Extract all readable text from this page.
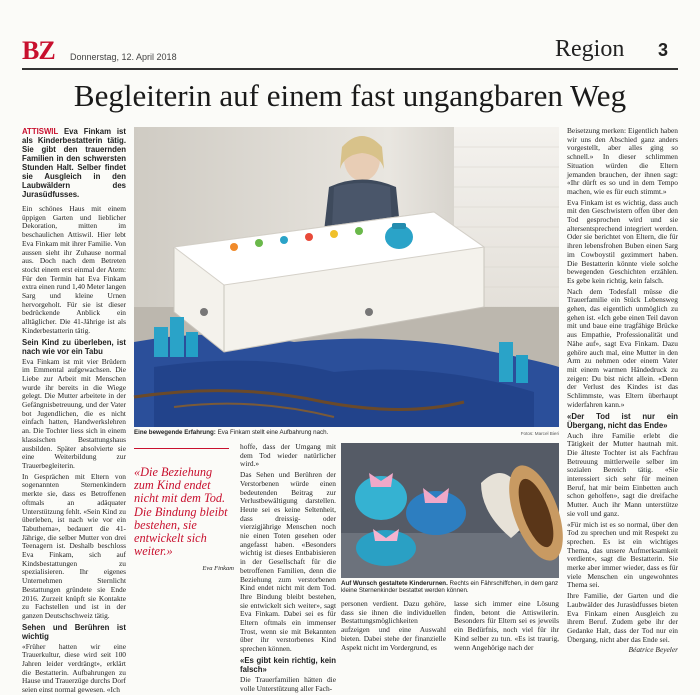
BZ Donnerstag, 12. April 2018	Region 3
Begleiterin auf einem fast ungangbaren Weg

ATTISWIL Eva Finkam ist als Kinderbestatterin tätig. Sie gibt den trauernden Familien in den schwersten Stunden Halt. Selber findet sie Ausgleich in den Laubwäldern des Jurasüdfusses.

Ein schönes Haus mit einem üppigen Garten und lieblicher Dekoration, mitten im beschaulichen Attiswil. Hier lebt Eva Finkam mit ihrer Familie. Von aussen sieht ihr Zuhause normal aus. Doch nach dem Betreten stockt einem erst einmal der Atem: Für den Termin hat Eva Finkam extra einen rund 1,40 Meter langen Sarg und kleine Urnen hervorgeholt. Für sie ist dieser bedrückende Anblick ein alltäglicher. Die 41-Jährige ist als Kinderbestatterin tätig.

Sein Kind zu überleben, ist nach wie vor ein Tabu

Eva Finkam ist mit vier Brüdern im Emmental aufgewachsen. Die Liebe zur Arbeit mit Menschen wurde ihr bereits in die Wiege gelegt. Die Mutter arbeitete in der Gefängnisbetreuung, und der Vater bot Jugendlichen, die es nicht einfach hatten, Handwerkslehren an. Die Tochter liess sich in einem klassischen Bestattungshaus ausbilden. Später absolvierte sie eine Weiterbildung zur Trauerbegleiterin.

In Gesprächen mit Eltern von sogenannten Sternenkindern merkte sie, dass es Betroffenen oftmals an adäquater Unterstützung fehlt. «Sein Kind zu überleben, ist nach wie vor ein Tabuthema», bedauert die 41-Jährige, die selber Mutter von drei Teenagern ist. Deshalb beschloss Eva Finkam, sich auf Kindsbestattungen zu spezialisieren. Ihr eigenes Unternehmen Sternlicht Bestattungen gründete sie Ende 2016. Zurzeit knüpft sie Kontakte zu Fachstellen und ist in der ganzen Deutschschweiz tätig.

Sehen und Berühren ist wichtig

«Früher hatten wir eine Trauerkultur, diese wird seit 100 Jahren leider verdrängt», erklärt die Bestatterin. Aufbahrungen zu Hause und Trauerzüge durchs Dorf seien einst normal gewesen. «Ich

Eine bewegende Erfahrung: Eva Finkam stellt eine Aufbahrung nach.	Fotos: Marcel Bieri

Beisetzung merken: Eigentlich haben wir uns den Abschied ganz anders vorgestellt, aber alles ging so schnell.» In dieser schlimmen Situation würden die Eltern jemanden brauchen, der ihnen sagt: «Ihr dürft es so und in dem Tempo machen, wie es für euch stimmt.»

Eva Finkam ist es wichtig, dass auch mit den Geschwistern offen über den Tod gesprochen wird und sie altersentsprechend integriert werden. Oder sie berichtet von Eltern, die für ihren lebensfrohen Buben einen Sarg im Cowboystil gezimmert haben. Die Bestatterin könnte viele solche bewegenden Geschichten erzählen. Es gebe kein richtig, kein falsch.

Nach dem Todesfall müsse die Trauerfamilie ein Stück Lebensweg gehen, das eigentlich unmöglich zu gehen ist. «Ich gebe einen Teil davon mit und baue eine tragfähige Brücke aus Empathie, Professionalität und Nähe auf», sagt Eva Finkam. Dazu gehöre auch mal, eine Mutter in den Arm zu nehmen oder einem Vater mit einem warmen Händedruck zu zeigen: Du bist nicht allein. «Denn der Verlust des Kindes ist das Schlimmste, was Eltern überhaupt widerfahren kann.»

«Der Tod ist nur ein Übergang, nicht das Ende»

Auch ihre Familie erlebt die Tätigkeit der Mutter hautnah mit. Die älteste Tochter ist als Fachfrau Betreuung mittlerweile selber im sozialen Bereich tätig. «Sie interessiert sich sehr für meinen Beruf, hat mir beim Einbetten auch schon geholfen», sagt die dreifache Mutter. Auch ihr Mann unterstütze sie voll und ganz.

«Für mich ist es so normal, über den Tod zu sprechen und mit Respekt zu sprechen. Es ist ein wichtiges Thema, das unsere Aufmerksamkeit verdient», sagt die Bestatterin. Sie merke aber immer wieder, dass es für viele Menschen ein ungewohntes Thema sei.

Ihre Familie, der Garten und die Laubwälder des Jurasüdfusses bieten Eva Finkam einen Ausgleich zu ihrem Beruf. Zudem gebe ihr der Gedanke Halt, dass der Tod nur ein Übergang, nicht aber das Ende sei.

Béatrice Beyeler

«Die Beziehung zum Kind endet nicht mit dem Tod. Die Bindung bleibt bestehen, sie entwickelt sich weiter.»
Eva Finkam

hoffe, dass der Umgang mit dem Tod wieder natürlicher wird.»

Das Sehen und Berühren der Verstorbenen würde einen bedeutenden Beitrag zur Verlustbewältigung darstellen. Heute sei es keine Seltenheit, dass dreissig- oder vierzigjährige Menschen noch nie einen Toten gesehen oder angefasst haben. «Besonders wichtig ist dieses Entbabisieren in der Gesellschaft für die betroffenen Familien, denn die Beziehung zum verstorbenen Kind endet nicht mit dem Tod. Ihre Bindung bleibt bestehen, sie entwickelt sich weiter», sagt Eva Finkam. Dabei sei es für Eltern oftmals ein immenser Trost, wenn sie mit Bekannten über ihr verstorbenes Kind sprechen können.

«Es gibt kein richtig, kein falsch»

Die Trauerfamilien hätten die volle Unterstützung aller Fach-

Auf Wunsch gestaltete Kinderurnen. Rechts ein Fährschiffchen, in dem ganz kleine Sternenkinder bestattet werden können.

personen verdient. Dazu gehöre, dass sie ihnen die individuellen Bestattungsmöglichkeiten aufzeigen und eine Auswahl bieten. Dabei stehe der finanzielle Aspekt nicht im Vordergrund, es

lasse sich immer eine Lösung finden, betont die Attiswilerin. Besonders für Eltern sei es jeweils ein Bedürfnis, noch viel für ihr Kind selber zu tun. «Es ist traurig, wenn Angehörige nach der
